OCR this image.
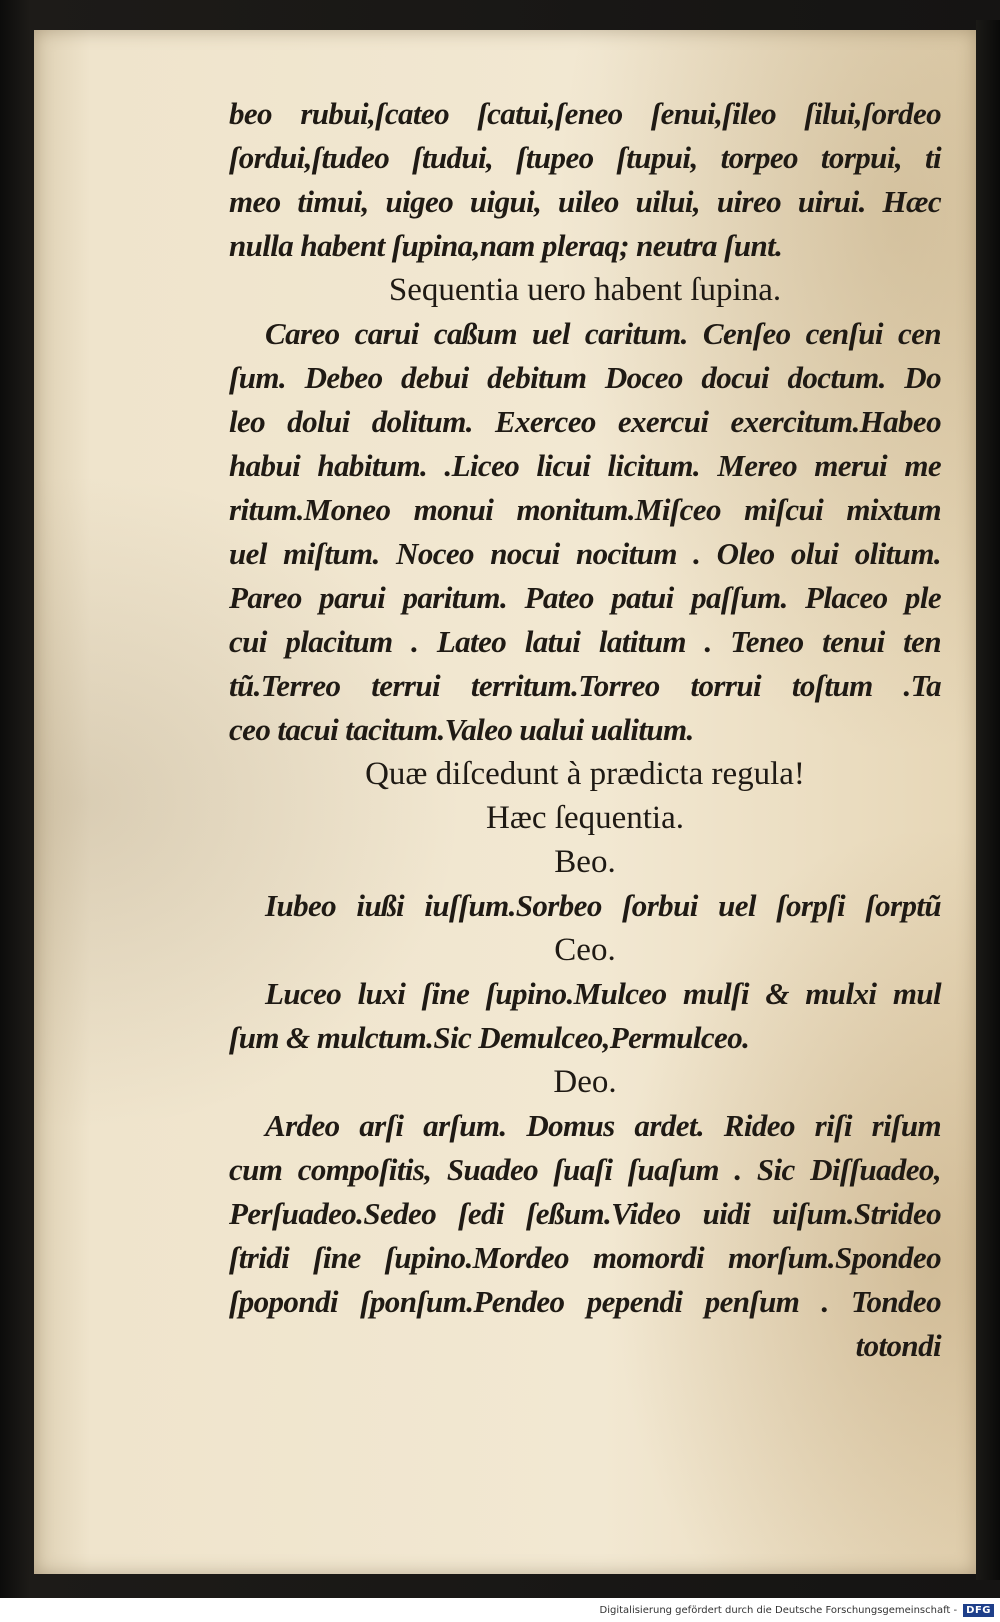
beo rubui,ſcateo ſcatui,ſeneo ſenui,ſileo ſilui,ſordeo
ſordui,ſtudeo ſtudui, ſtupeo ſtupui, torpeo torpui, ti
meo timui, uigeo uigui, uileo uilui, uireo uirui. Hæc
nulla habent ſupina,nam pleraq; neutra ſunt.
Sequentia uero habent ſupina.
Careo carui caßum uel caritum. Cenſeo cenſui cen
ſum. Debeo debui debitum Doceo docui doctum. Do
leo dolui dolitum. Exerceo exercui exercitum.Habeo
habui habitum. .Liceo licui licitum. Mereo merui me
ritum.Moneo monui monitum.Miſceo miſcui mixtum
uel miſtum. Noceo nocui nocitum . Oleo olui olitum.
Pareo parui paritum. Pateo patui paſſum. Placeo ple
cui placitum . Lateo latui latitum . Teneo tenui ten
tũ.Terreo terrui territum.Torreo torrui toſtum .Ta
ceo tacui tacitum.Valeo ualui ualitum.
Quæ diſcedunt à prædicta regula!
Hæc ſequentia.
Beo.
Iubeo iußi iuſſum.Sorbeo ſorbui uel ſorpſi ſorptũ
Ceo.
Luceo luxi ſine ſupino.Mulceo mulſi & mulxi mul
ſum & mulctum.Sic Demulceo,Permulceo.
Deo.
Ardeo arſi arſum. Domus ardet. Rideo riſi riſum
cum compoſitis, Suadeo ſuaſi ſuaſum . Sic Diſſuadeo,
Perſuadeo.Sedeo ſedi ſeßum.Video uidi uiſum.Strideo
ſtridi ſine ſupino.Mordeo momordi morſum.Spondeo
ſpopondi ſponſum.Pendeo pependi penſum . Tondeo
totondi
Digitalisierung gefördert durch die Deutsche Forschungsgemeinschaft - DFG
